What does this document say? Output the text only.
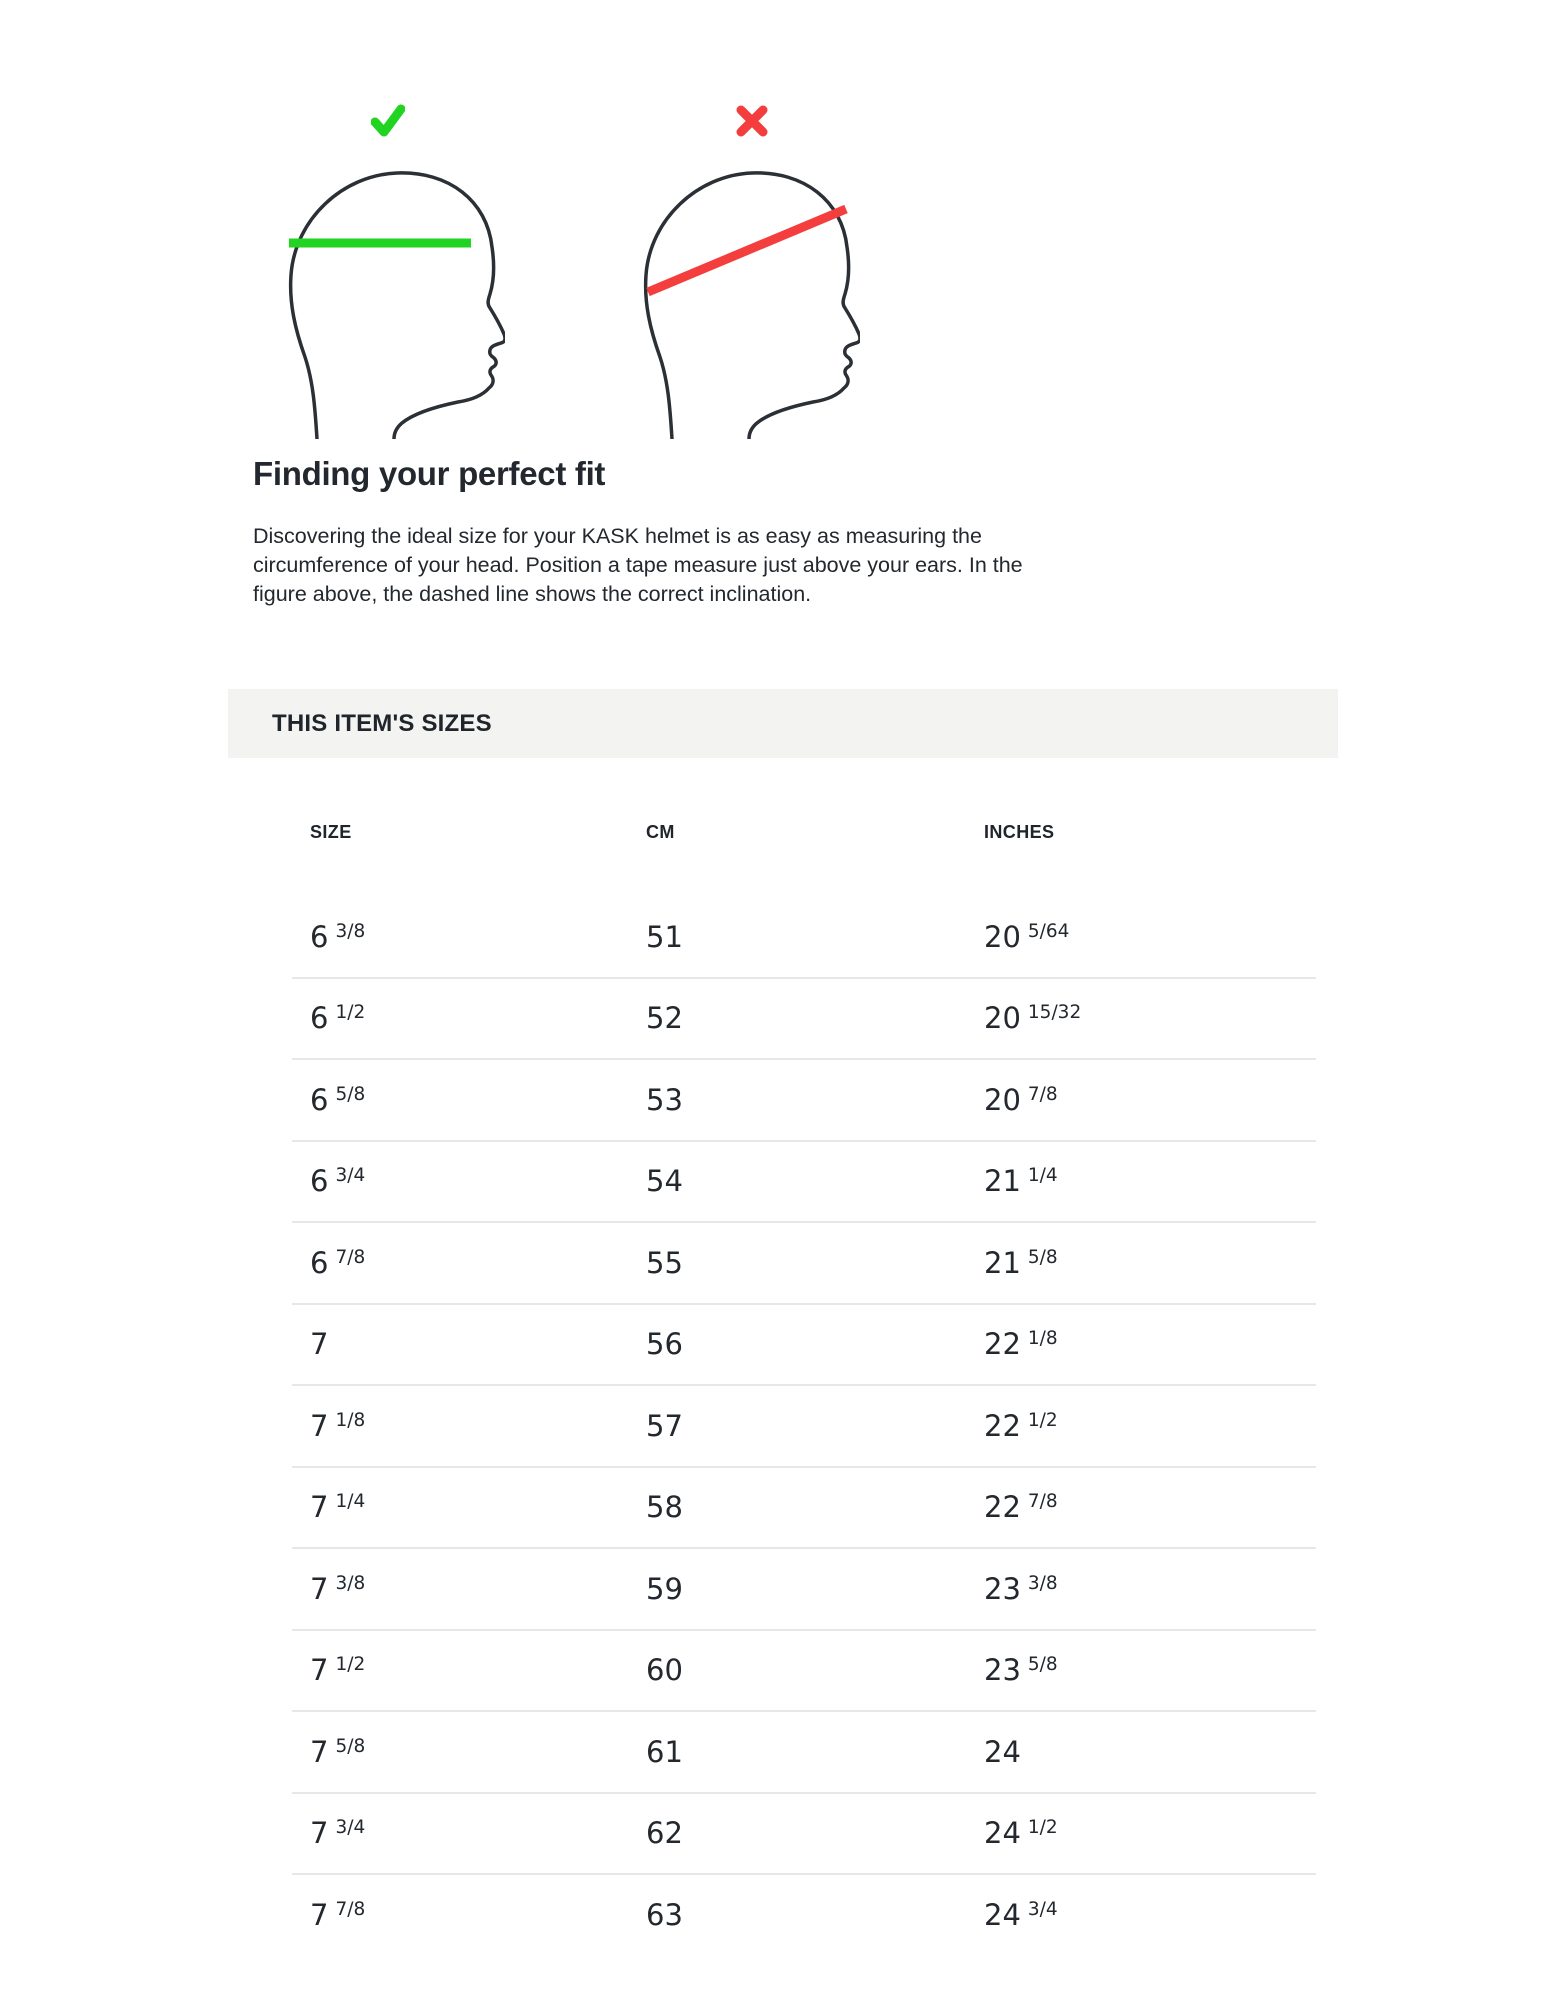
Finding your perfect fit
Discovering the ideal size for your KASK helmet is as easy as measuring the
circumference of your head. Position a tape measure just above your ears. In the
figure above, the dashed line shows the correct inclination.
THIS ITEM'S SIZES
SIZE	CM	INCHES
6 $^{3/8}$	51	20 $^{5/64}$
6 $^{1/2}$	52	20 $^{15/32}$
6 $^{5/8}$	53	20 $^{7/8}$
6 $^{3/4}$	54	21 $^{1/4}$
6 $^{7/8}$	55	21 $^{5/8}$
7	56	22 $^{1/8}$
7 $^{1/8}$	57	22 $^{1/2}$
7 $^{1/4}$	58	22 $^{7/8}$
7 $^{3/8}$	59	23 $^{3/8}$
7 $^{1/2}$	60	23 $^{5/8}$
7 $^{5/8}$	61	24
7 $^{3/4}$	62	24 $^{1/2}$
7 $^{7/8}$	63	24 $^{3/4}$
